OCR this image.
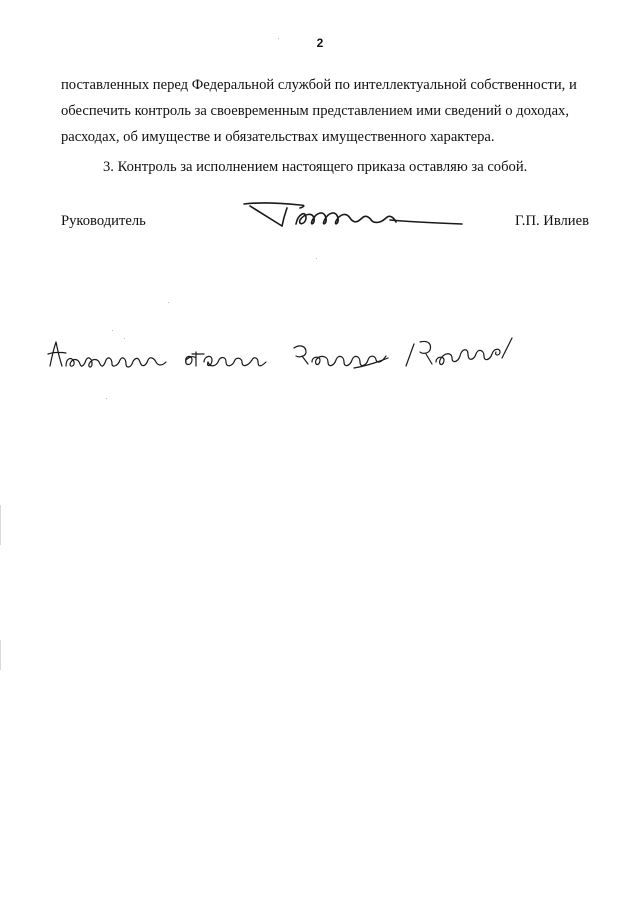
2

поставленных перед Федеральной службой по интеллектуальной собственности, и

обеспечить контроль за своевременным представлением ими сведений о доходах,

расходах, об имуществе и обязательствах имущественного характера.

3. Контроль за исполнением настоящего приказа оставляю за собой.

Руководитель	Г.П. Ивлиев
